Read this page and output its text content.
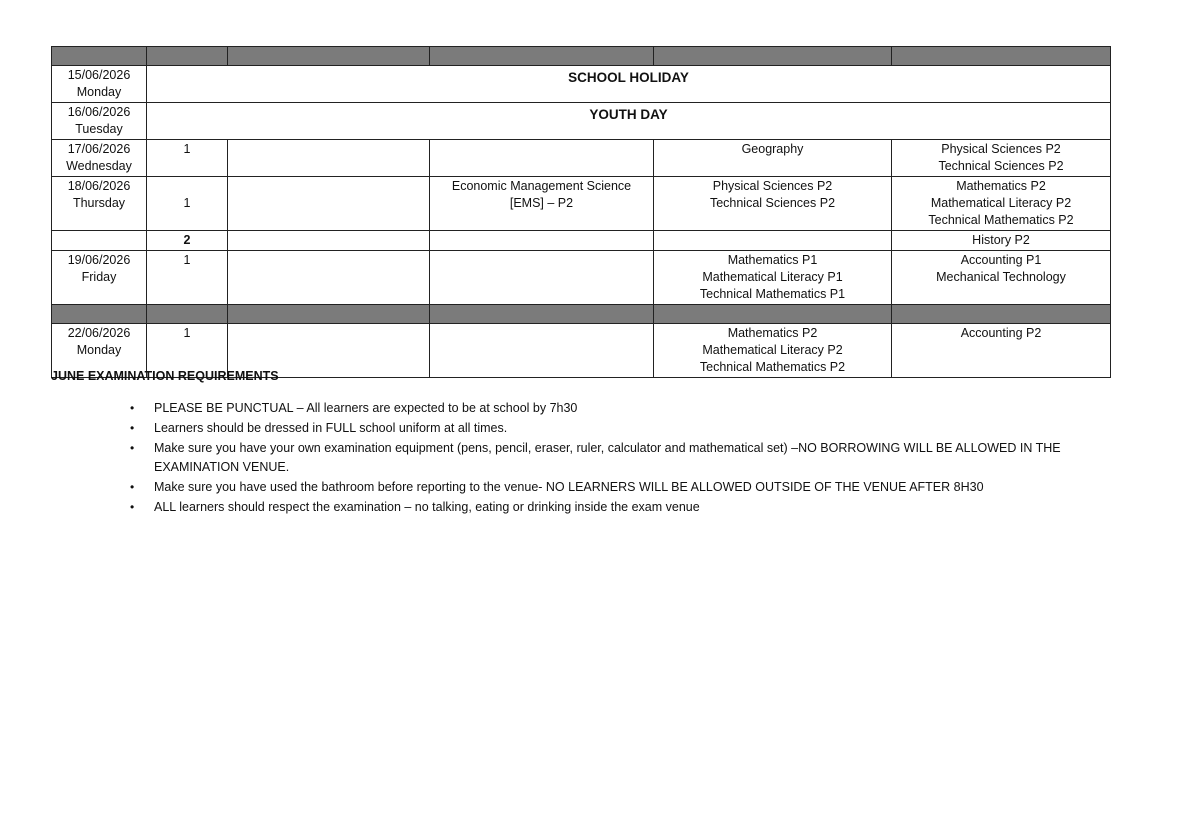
15/06/2026
Monday	SCHOOL HOLIDAY				

16/06/2026
Tuesday	YOUTH DAY				

17/06/2026
Wednesday	1			Geography	Physical Sciences P2
Technical Sciences P2

18/06/2026
Thursday	1		Economic Management Science
[EMS] – P2	Physical Sciences P2
Technical Sciences P2	Mathematics P2
Mathematical Literacy P2
Technical Mathematics P2

	2				History P2

19/06/2026
Friday	1			Mathematics P1
Mathematical Literacy P1
Technical Mathematics P1	Accounting P1
Mechanical Technology

22/06/2026
Monday	1			Mathematics P2
Mathematical Literacy P2
Technical Mathematics P2	Accounting P2
JUNE EXAMINATION REQUIREMENTS
• PLEASE BE PUNCTUAL – All learners are expected to be at school by 7h30
• Learners should be dressed in FULL school uniform at all times.
• Make sure you have your own examination equipment (pens, pencil, eraser, ruler, calculator and mathematical set) –NO BORROWING WILL BE ALLOWED IN THE EXAMINATION VENUE.
• Make sure you have used the bathroom before reporting to the venue- NO LEARNERS WILL BE ALLOWED OUTSIDE OF THE VENUE AFTER 8H30
• ALL learners should respect the examination – no talking, eating or drinking inside the exam venue
